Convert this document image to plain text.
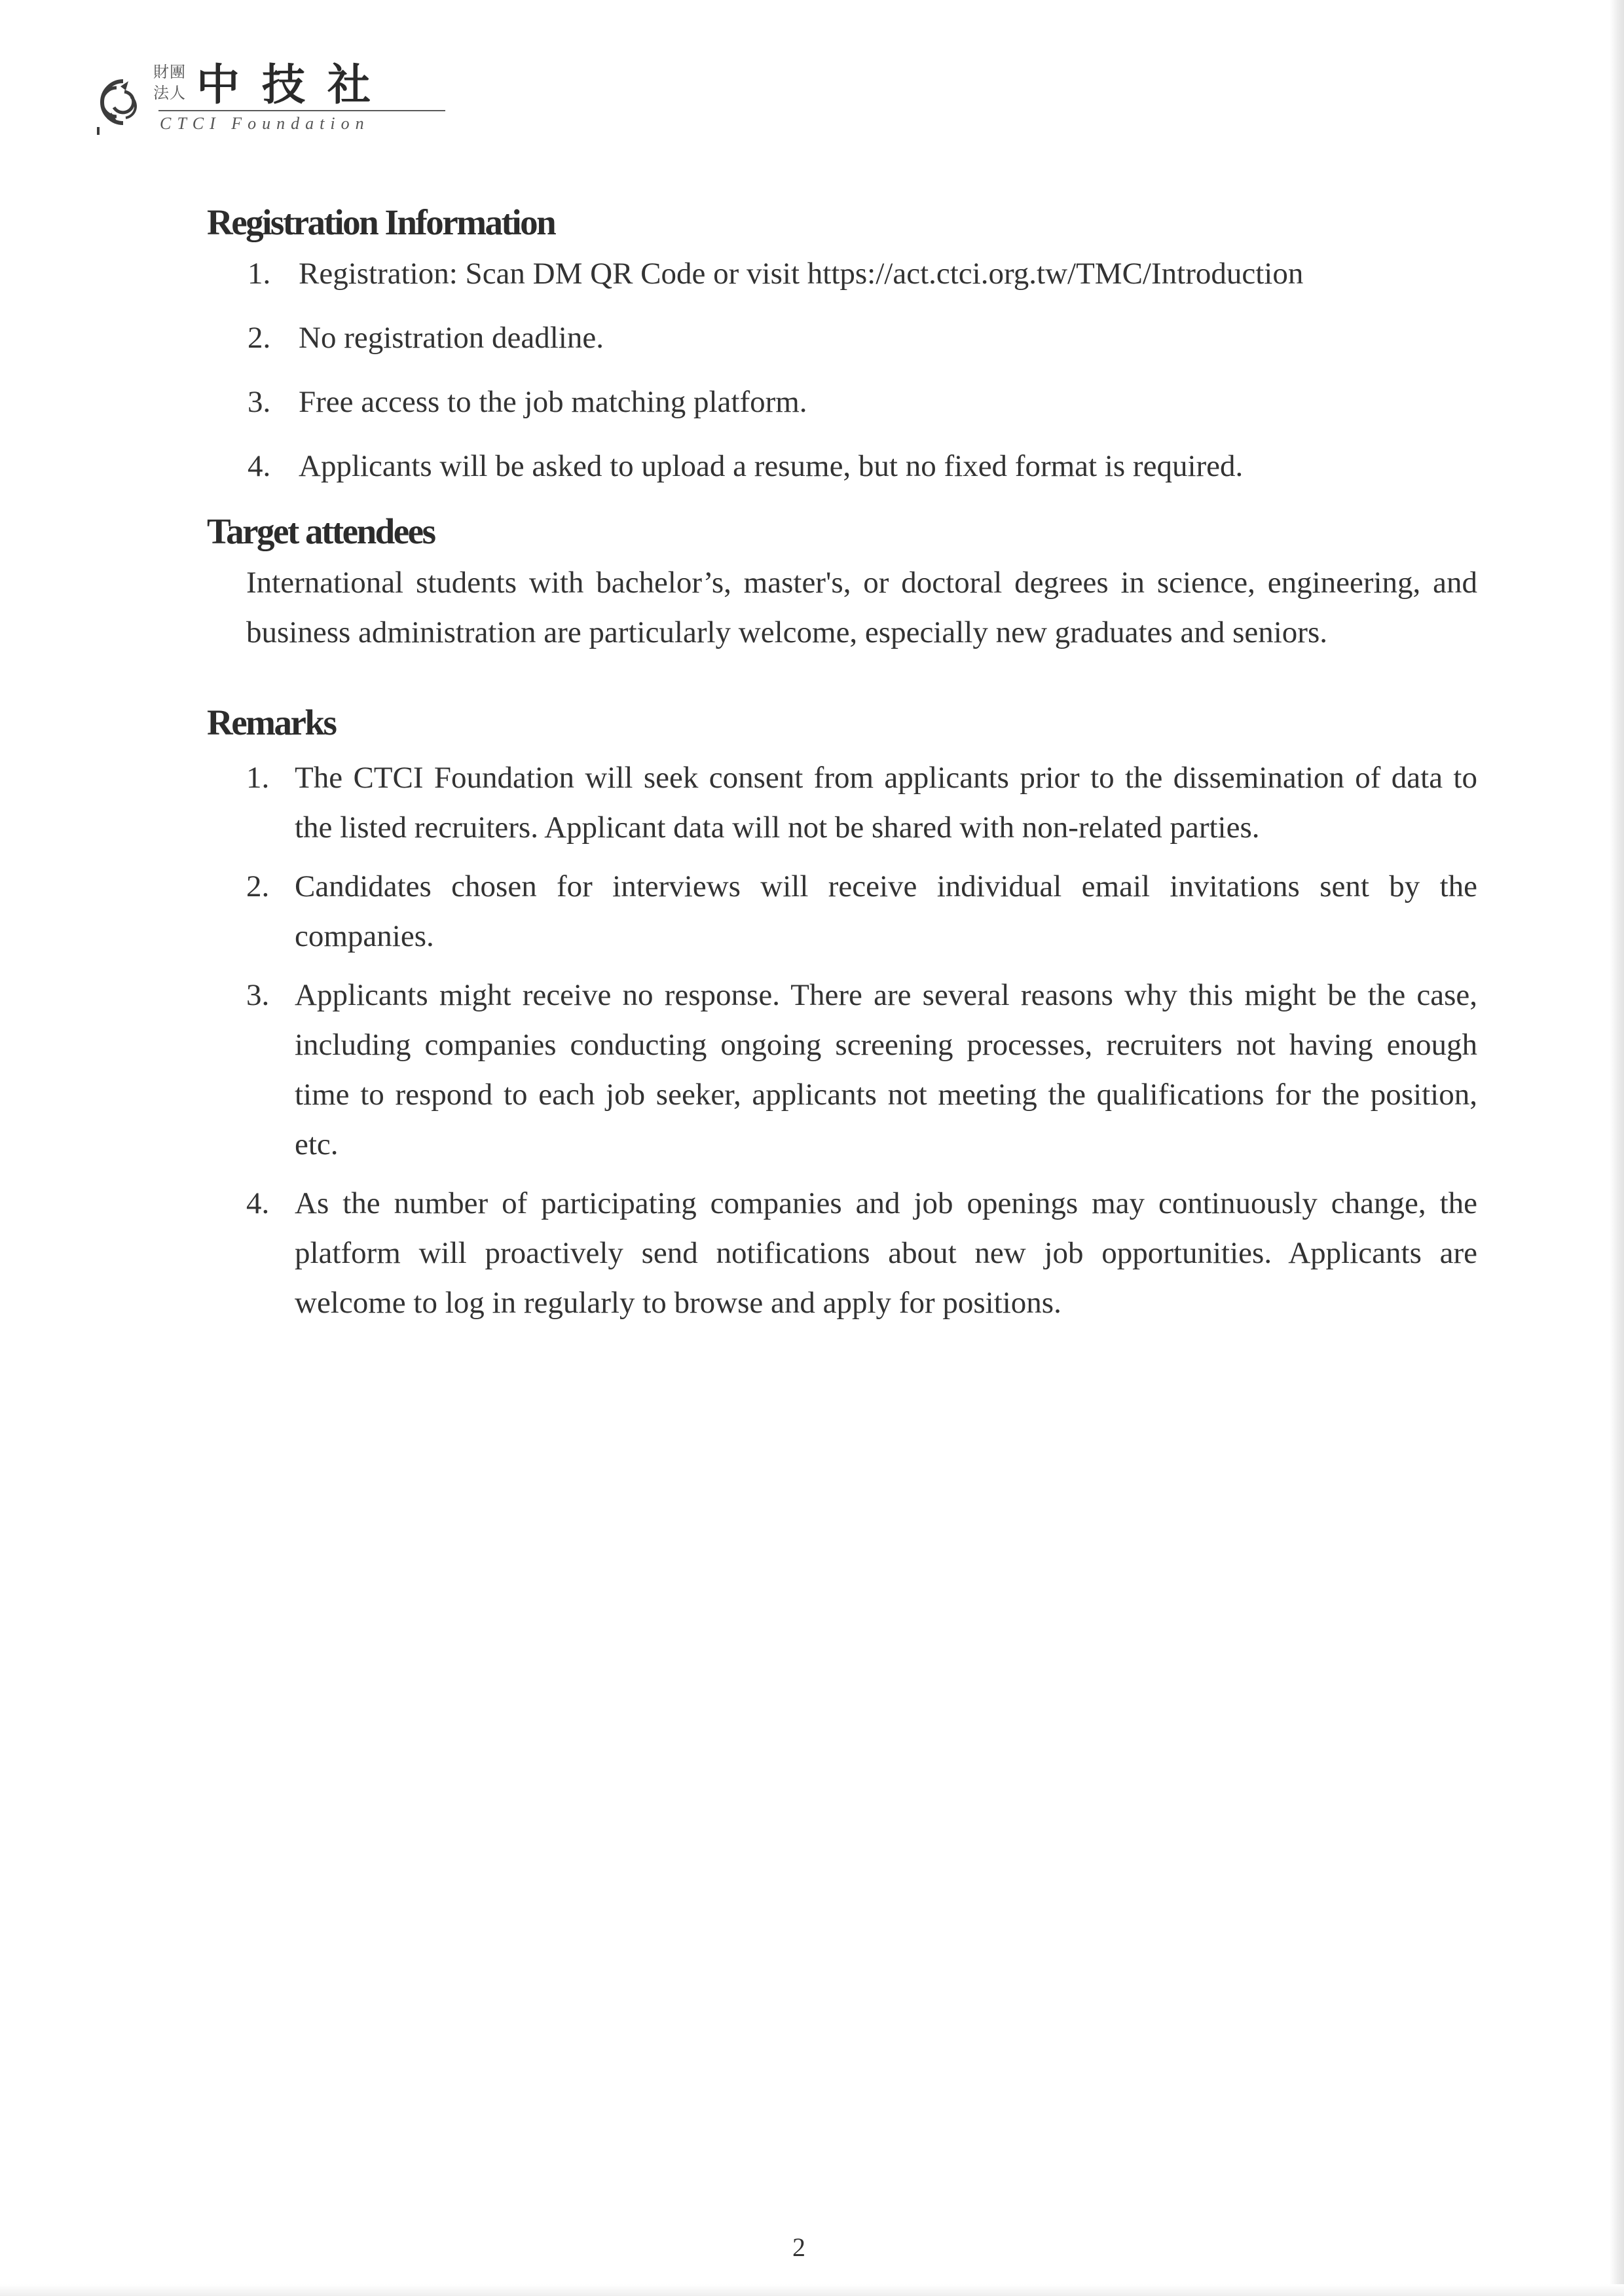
財團
法人 中技社
CTCI Foundation
Registration Information
1. Registration: Scan DM QR Code or visit https://act.ctci.org.tw/TMC/Introduction
2. No registration deadline.
3. Free access to the job matching platform.
4. Applicants will be asked to upload a resume, but no fixed format is required.
Target attendees

International students with bachelor’s, master's, or doctoral degrees in science, engineering, and business administration are particularly welcome, especially new graduates and seniors.

Remarks
1. The CTCI Foundation will seek consent from applicants prior to the dissemination of data to the listed recruiters. Applicant data will not be shared with non-related parties.
2. Candidates chosen for interviews will receive individual email invitations sent by the companies.
3. Applicants might receive no response. There are several reasons why this might be the case, including companies conducting ongoing screening processes, recruiters not having enough time to respond to each job seeker, applicants not meeting the qualifications for the position, etc.
4. As the number of participating companies and job openings may continuously change, the platform will proactively send notifications about new job opportunities. Applicants are welcome to log in regularly to browse and apply for positions.
2
